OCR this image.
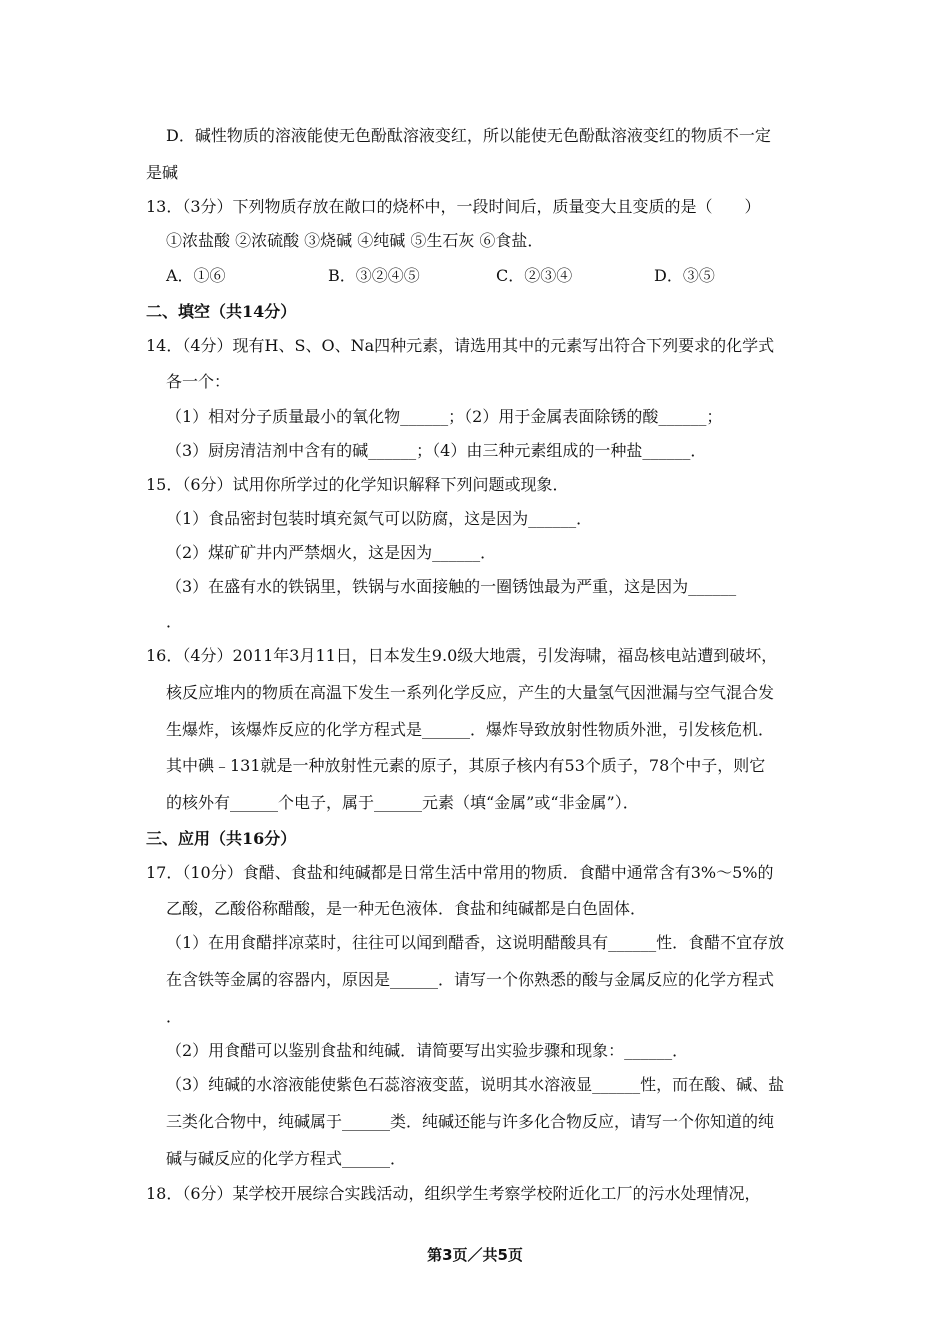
D．碱性物质的溶液能使无色酚酞溶液变红，所以能使无色酚酞溶液变红的物质不一定
是碱
13．（3分）下列物质存放在敞口的烧杯中，一段时间后，质量变大且变质的是（　　）
①浓盐酸 ②浓硫酸 ③烧碱 ④纯碱 ⑤生石灰 ⑥食盐．
A．①⑥	B．③②④⑤	C．②③④	D．③⑤
二、填空（共14分）
14．（4分）现有H、S、O、Na四种元素，请选用其中的元素写出符合下列要求的化学式
各一个：
（1）相对分子质量最小的氧化物______；（2）用于金属表面除锈的酸______；
（3）厨房清洁剂中含有的碱______；（4）由三种元素组成的一种盐______．
15．（6分）试用你所学过的化学知识解释下列问题或现象．
（1）食品密封包装时填充氮气可以防腐，这是因为______．
（2）煤矿矿井内严禁烟火，这是因为______．
（3）在盛有水的铁锅里，铁锅与水面接触的一圈锈蚀最为严重，这是因为______
．
16．（4分）2011年3月11日，日本发生9.0级大地震，引发海啸，福岛核电站遭到破坏，
核反应堆内的物质在高温下发生一系列化学反应，产生的大量氢气因泄漏与空气混合发
生爆炸，该爆炸反应的化学方程式是______．爆炸导致放射性物质外泄，引发核危机．
其中碘﹣131就是一种放射性元素的原子，其原子核内有53个质子，78个中子，则它
的核外有______个电子，属于______元素（填“金属”或“非金属”）．
三、应用（共16分）
17．（10分）食醋、食盐和纯碱都是日常生活中常用的物质．食醋中通常含有3%～5%的
乙酸，乙酸俗称醋酸，是一种无色液体．食盐和纯碱都是白色固体．
（1）在用食醋拌凉菜时，往往可以闻到醋香，这说明醋酸具有______性．食醋不宜存放
在含铁等金属的容器内，原因是______．请写一个你熟悉的酸与金属反应的化学方程式
．
（2）用食醋可以鉴别食盐和纯碱．请简要写出实验步骤和现象：______．
（3）纯碱的水溶液能使紫色石蕊溶液变蓝，说明其水溶液显______性，而在酸、碱、盐
三类化合物中，纯碱属于______类．纯碱还能与许多化合物反应，请写一个你知道的纯
碱与碱反应的化学方程式______．
18．（6分）某学校开展综合实践活动，组织学生考察学校附近化工厂的污水处理情况，
第3页／共5页
